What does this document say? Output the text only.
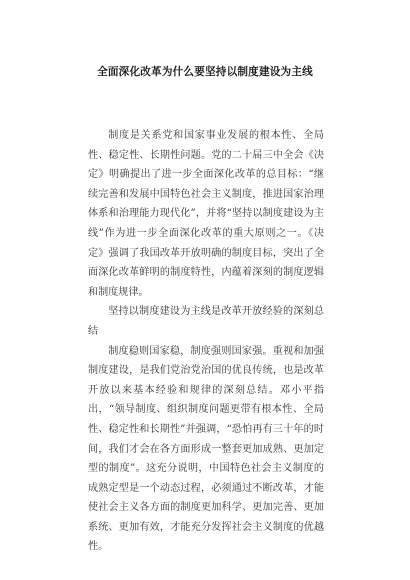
全面深化改革为什么要坚持以制度建设为主线

制度是关系党和国家事业发展的根本性、全局性、稳定性、长期性问题。党的二十届三中全会《决定》明确提出了进一步全面深化改革的总目标：“继续完善和发展中国特色社会主义制度，推进国家治理体系和治理能力现代化”，并将“坚持以制度建设为主线”作为进一步全面深化改革的重大原则之一。《决定》强调了我国改革开放明确的制度目标，突出了全面深化改革鲜明的制度特性，内蕴着深刻的制度逻辑和制度规律。

坚持以制度建设为主线是改革开放经验的深刻总结

制度稳则国家稳，制度强则国家强。重视和加强制度建设，是我们党治党治国的优良传统，也是改革开放以来基本经验和规律的深刻总结。邓小平指出，“领导制度、组织制度问题更带有根本性、全局性、稳定性和长期性”并强调，“恐怕再有三十年的时间，我们才会在各方面形成一整套更加成熟、更加定型的制度”。这充分说明，中国特色社会主义制度的成熟定型是一个动态过程，必须通过不断改革，才能使社会主义各方面的制度更加科学、更加完善、更加系统、更加有效，才能充分发挥社会主义制度的优越性。
